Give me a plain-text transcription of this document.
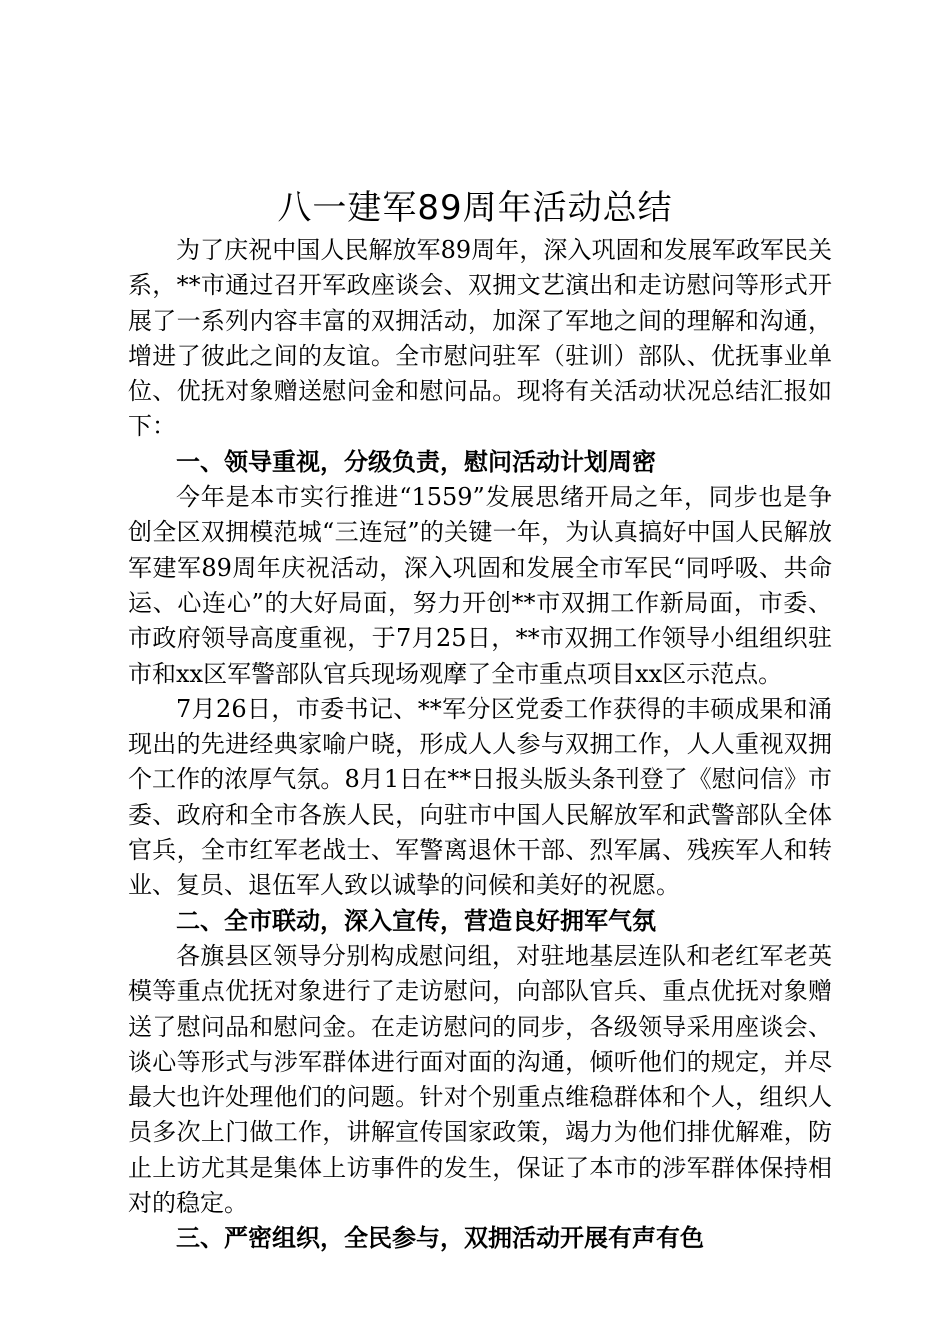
八一建军89周年活动总结

为了庆祝中国人民解放军89周年，深入巩固和发展军政军民关系，**市通过召开军政座谈会、双拥文艺演出和走访慰问等形式开展了一系列内容丰富的双拥活动，加深了军地之间的理解和沟通，增进了彼此之间的友谊。全市慰问驻军（驻训）部队、优抚事业单位、优抚对象赠送慰问金和慰问品。现将有关活动状况总结汇报如下：

一、领导重视，分级负责，慰问活动计划周密

今年是本市实行推进“1559”发展思绪开局之年，同步也是争创全区双拥模范城“三连冠”的关键一年，为认真搞好中国人民解放军建军89周年庆祝活动，深入巩固和发展全市军民“同呼吸、共命运、心连心”的大好局面，努力开创**市双拥工作新局面，市委、市政府领导高度重视，于7月25日，**市双拥工作领导小组组织驻市和xx区军警部队官兵现场观摩了全市重点项目xx区示范点。

7月26日，市委书记、**军分区党委工作获得的丰硕成果和涌现出的先进经典家喻户晓，形成人人参与双拥工作，人人重视双拥个工作的浓厚气氛。8月1日在**日报头版头条刊登了《慰问信》市委、政府和全市各族人民，向驻市中国人民解放军和武警部队全体官兵，全市红军老战士、军警离退休干部、烈军属、残疾军人和转业、复员、退伍军人致以诚挚的问候和美好的祝愿。

二、全市联动，深入宣传，营造良好拥军气氛

各旗县区领导分别构成慰问组，对驻地基层连队和老红军老英模等重点优抚对象进行了走访慰问，向部队官兵、重点优抚对象赠送了慰问品和慰问金。在走访慰问的同步，各级领导采用座谈会、谈心等形式与涉军群体进行面对面的沟通，倾听他们的规定，并尽最大也许处理他们的问题。针对个别重点维稳群体和个人，组织人员多次上门做工作，讲解宣传国家政策，竭力为他们排优解难，防止上访尤其是集体上访事件的发生，保证了本市的涉军群体保持相对的稳定。

三、严密组织，全民参与，双拥活动开展有声有色
